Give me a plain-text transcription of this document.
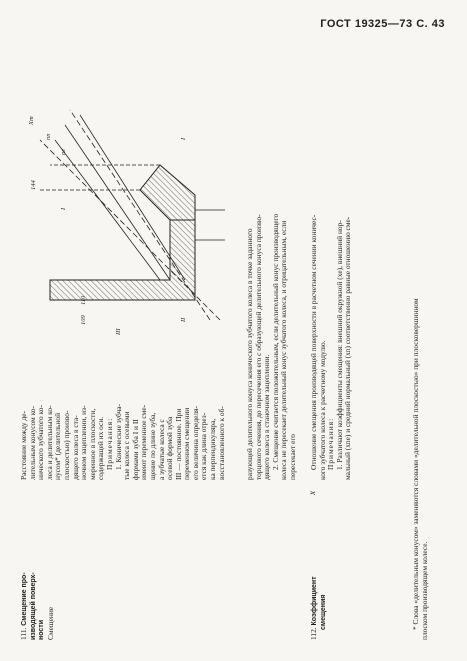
ГОСТ 19325—73 С. 43
111. Смещение про- изводящей поверх- ности Смещение
Расстояние между де- лительным конусом ко- нического зубчатого ко- леса и делительным ко- нусом* (делительной плоскостью) произво- дящего колеса в ста- ночном зацеплении, из- меренное в плоскости, содержащей их оси. Примечания: 1. Конические зубча- тые колеса с осевыми формами зуба I и II имеют переменное сме- щение по длине зуба, а зубчатые колеса с осевой формой зуба III — постоянное. При переменном смещении его величина определя- ется как длина отрез- ка перпендикуляра, восстановленного к об-
III
I
II
I
144
109
110
ne
nn
Xm
разующей делительного конуса конического зубчатого колеса в точке заданного торцового сечения, до пересечения его с образующей делительного конуса произво- дящего колеса в станочном зацеплении. 2. Смещение считается положительным, если делительный конус производящего колеса не пересекает делительный конус зубчатого колеса, и отрицательным, если пересекает его
112. Коэффициент смещения
x
Отношение смещения производящей поверхности в расчетном сечении коничес- кого зубчатого колеса к расчетному модулю. Примечания: 1. Различают коэффициенты смещения: внешний окружной (xe), внешний нор- мальный (xne) и средний нормальный (xn) соответственно равные отношению сме-	* Слова «делительным конусом» заменяются словами «делительной плоскостью» при плосковершинном плоском производящем колесе.
